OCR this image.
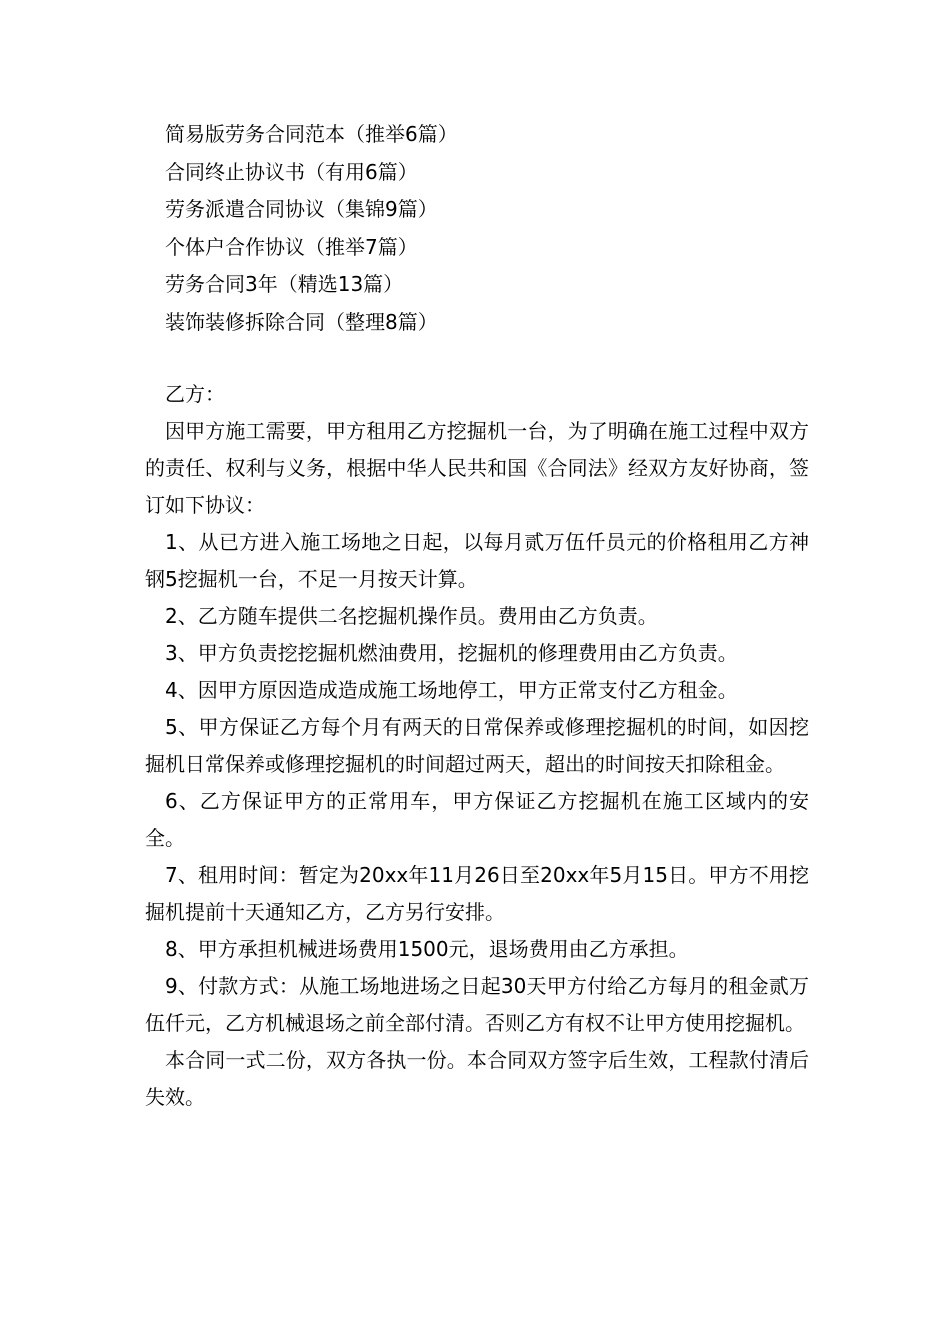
简易版劳务合同范本（推举6篇）
合同终止协议书（有用6篇）
劳务派遣合同协议（集锦9篇）
个体户合作协议（推举7篇）
劳务合同3年（精选13篇）
装饰装修拆除合同（整理8篇）

乙方：

因甲方施工需要，甲方租用乙方挖掘机一台，为了明确在施工过程中双方的责任、权利与义务，根据中华人民共和国《合同法》经双方友好协商，签订如下协议：

1、从已方进入施工场地之日起，以每月贰万伍仟员元的价格租用乙方神钢5挖掘机一台，不足一月按天计算。

2、乙方随车提供二名挖掘机操作员。费用由乙方负责。

3、甲方负责挖挖掘机燃油费用，挖掘机的修理费用由乙方负责。

4、因甲方原因造成造成施工场地停工，甲方正常支付乙方租金。

5、甲方保证乙方每个月有两天的日常保养或修理挖掘机的时间，如因挖掘机日常保养或修理挖掘机的时间超过两天，超出的时间按天扣除租金。

6、乙方保证甲方的正常用车，甲方保证乙方挖掘机在施工区域内的安全。

7、租用时间：暂定为20xx年11月26日至20xx年5月15日。甲方不用挖掘机提前十天通知乙方，乙方另行安排。

8、甲方承担机械进场费用1500元，退场费用由乙方承担。

9、付款方式：从施工场地进场之日起30天甲方付给乙方每月的租金贰万伍仟元，乙方机械退场之前全部付清。否则乙方有权不让甲方使用挖掘机。

本合同一式二份，双方各执一份。本合同双方签字后生效，工程款付清后失效。
